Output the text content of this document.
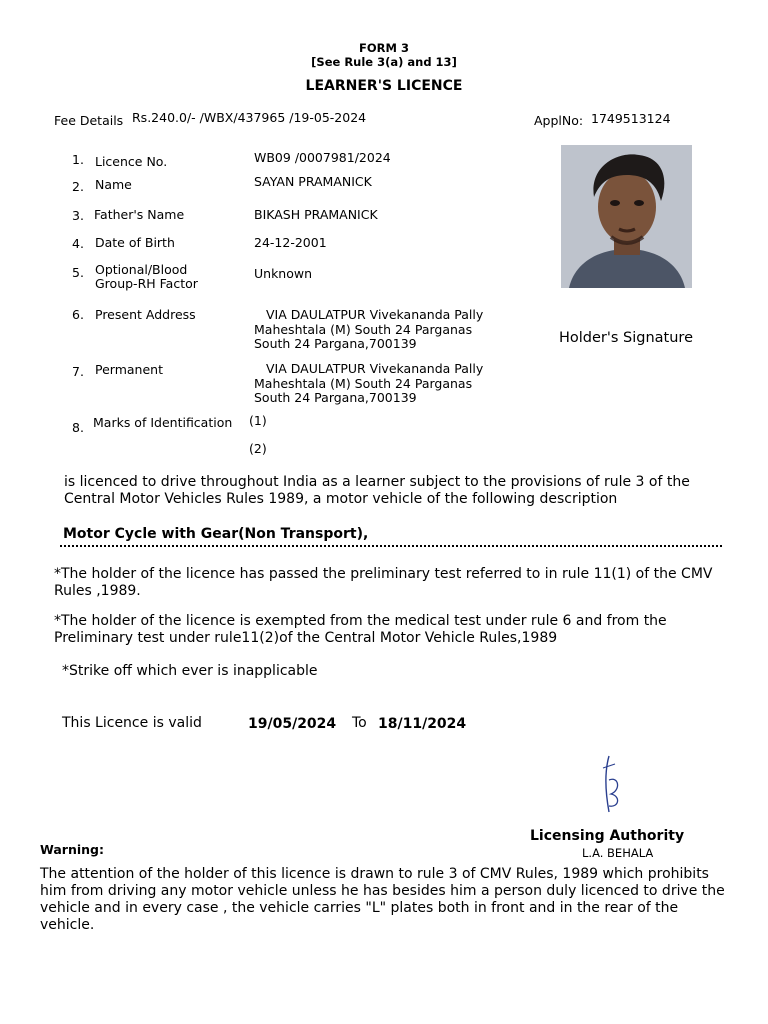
FORM 3
[See Rule 3(a) and 13]
LEARNER'S LICENCE
Fee Details Rs.240.0/- /WBX/437965 /19-05-2024	ApplNo: 1749513124
1. Licence No.	WB09 /0007981/2024
2. Name	SAYAN PRAMANICK
3. Father's Name	BIKASH PRAMANICK
4. Date of Birth	24-12-2001
5. Optional/Blood
Group-RH Factor
Unknown
6. Present Address	VIA DAULATPUR Vivekananda Pally
Maheshtala (M) South 24 Parganas
South 24 Pargana,700139
7. Permanent	VIA DAULATPUR Vivekananda Pally
Maheshtala (M) South 24 Parganas
South 24 Pargana,700139
8. Marks of Identification (1)
(2)
Holder's Signature
is licenced to drive throughout India as a learner subject to the provisions of rule 3 of the Central Motor Vehicles Rules 1989, a motor vehicle of the following description
Motor Cycle with Gear(Non Transport),
*The holder of the licence has passed the preliminary test referred to in rule 11(1) of the CMV Rules ,1989.
*The holder of the licence is exempted from the medical test under rule 6 and from the Preliminary test under rule11(2)of the Central Motor Vehicle Rules,1989
*Strike off which ever is inapplicable
This Licence is valid	19/05/2024 To 18/11/2024
Licensing Authority
L.A. BEHALA
Warning:
The attention of the holder of this licence is drawn to rule 3 of CMV Rules, 1989 which prohibits him from driving any motor vehicle unless he has besides him a person duly licenced to drive the vehicle and in every case , the vehicle carries "L" plates both in front and in the rear of the vehicle.
